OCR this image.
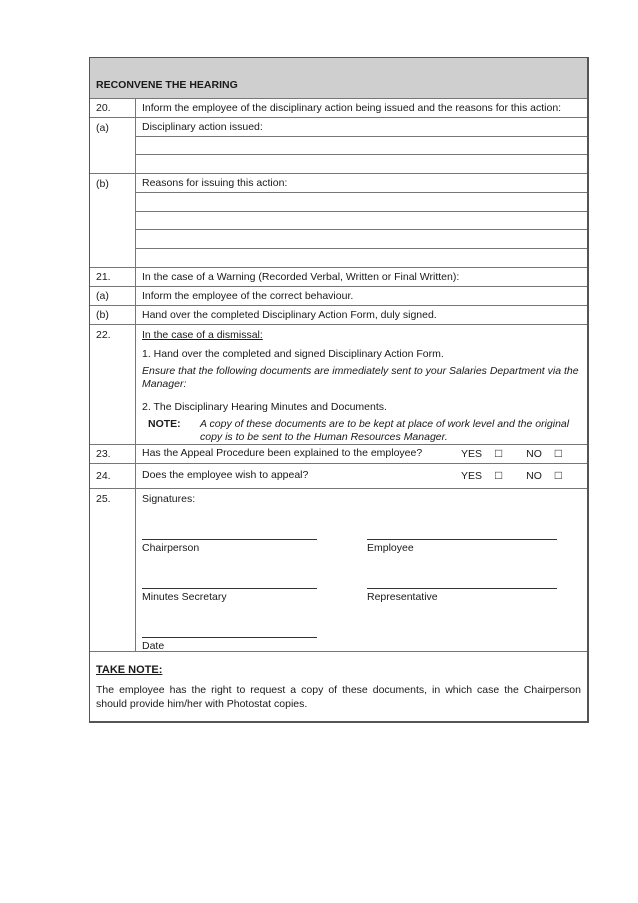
RECONVENE THE HEARING
20.	Inform the employee of the disciplinary action being issued and the reasons for this action:
(a)		Disciplinary action issued:

(b)		Reasons for issuing this action:

21.	In the case of a Warning (Recorded Verbal, Written or Final Written):
(a)	Inform the employee of the correct behaviour.
(b)	Hand over the completed Disciplinary Action Form, duly signed.
22.	In the case of a dismissal:
1. Hand over the completed and signed Disciplinary Action Form.
Ensure that the following documents are immediately sent to your Salaries Department via the Manager:
2. The Disciplinary Hearing Minutes and Documents.
NOTE:	A copy of these documents are to be kept at place of work level and the original copy is to be sent to the Human Resources Manager.

23.	Has the Appeal Procedure been explained to the employee?	YES □ NO □

24.	Does the employee wish to appeal?	YES □ NO □

25.	Signatures:
Chairperson	Employee
Minutes Secretary	Representative
Date

TAKE NOTE:
The employee has the right to request a copy of these documents, in which case the Chairperson should provide him/her with Photostat copies.
